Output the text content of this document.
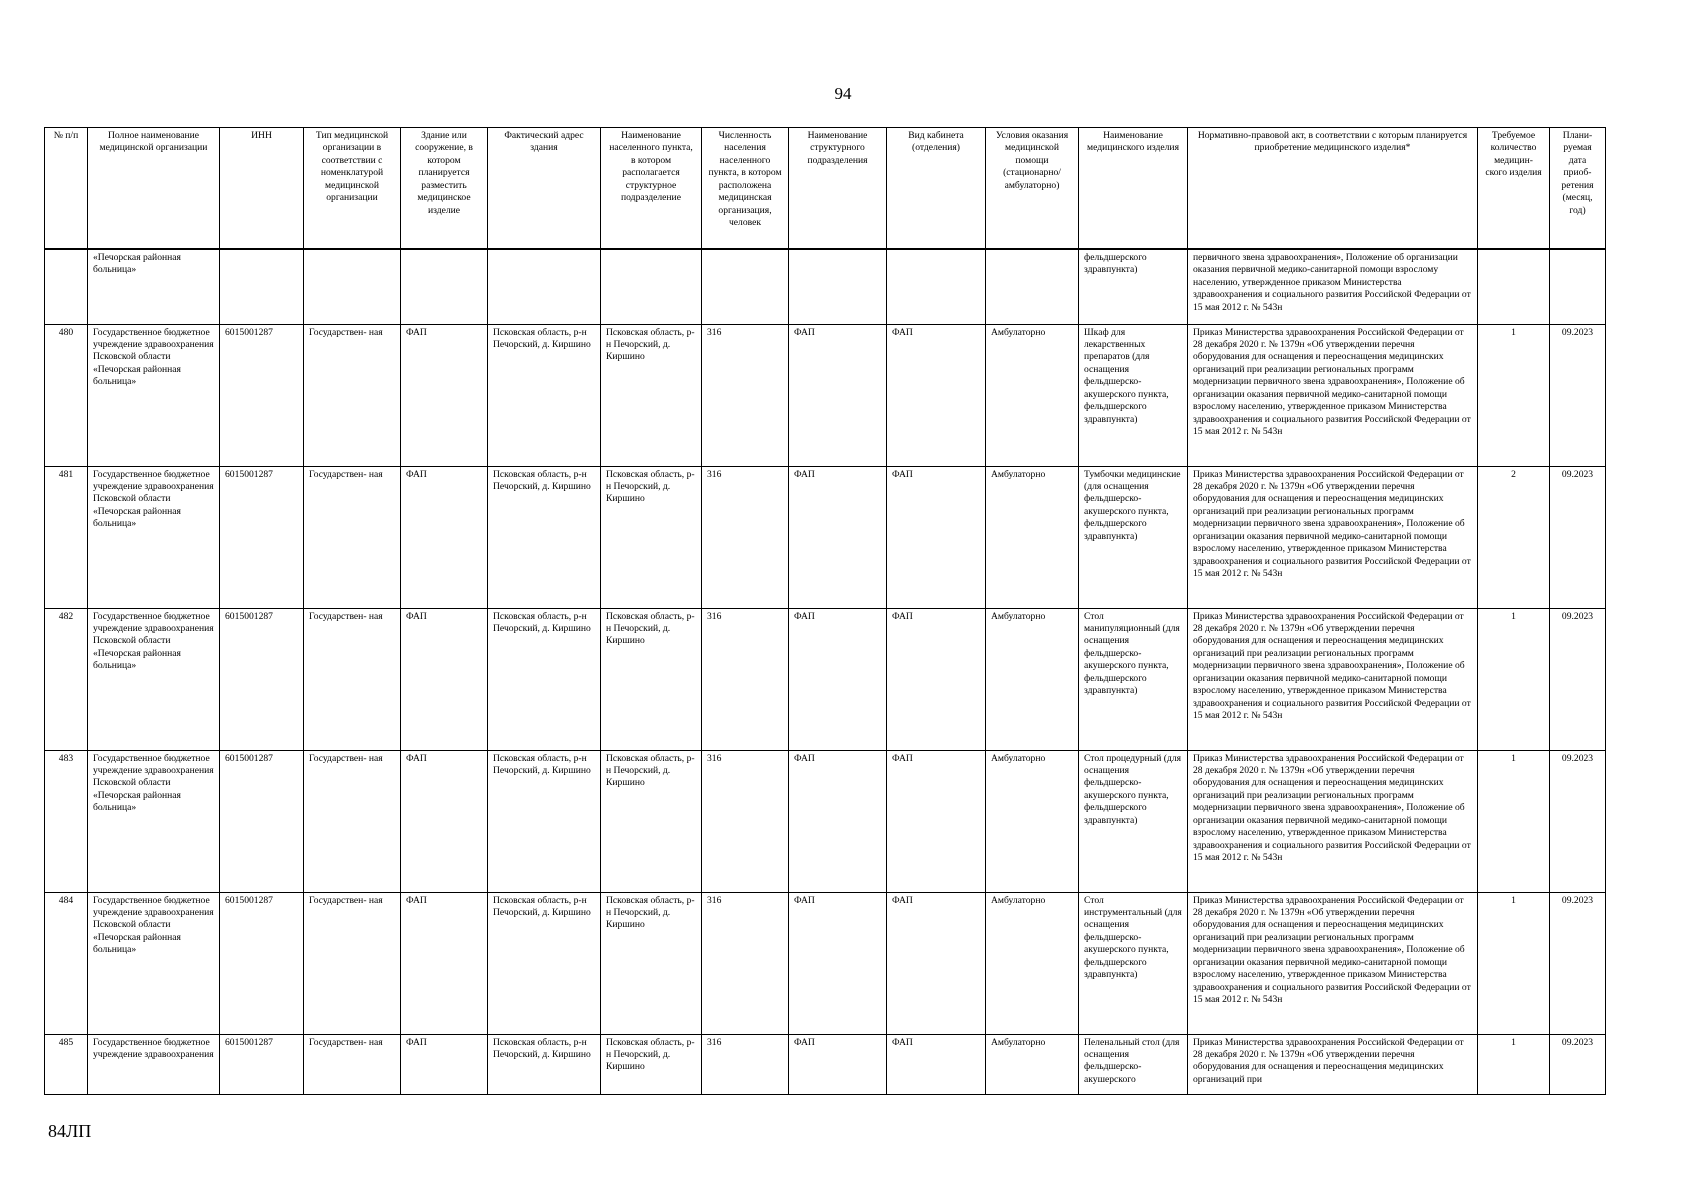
94
№ п/п	Полное наименование медицинской организации	ИНН	Тип медицинской организации в соответствии с номенклатурой медицинской организации	Здание или сооружение, в котором планируется разместить медицинское изделие	Фактический адрес здания	Наименование населенного пункта, в котором располагается структурное подразделение	Численность населения населенного пункта, в котором расположена медицинская организация, человек	Наименование структурного подразделения	Вид кабинета (отделения)	Условия оказания медицинской помощи (стационарно/ амбулаторно)	Наименование медицинского изделия	Нормативно-правовой акт, в соответствии с которым планируется приобретение медицинского изделия*	Требуемое количество медицин- ского изделия	Плани- руемая дата приоб- ретения (месяц, год)
	«Печорская районная больница»										фельдшерского здравпункта)	первичного звена здравоохранения», Положение об организации оказания первичной медико-санитарной помощи взрослому населению, утвержденное приказом Министерства здравоохранения и социального развития Российской Федерации от 15 мая 2012 г. № 543н		
480	Государственное бюджетное учреждение здравоохранения Псковской области «Печорская районная больница»	6015001287	Государствен- ная	ФАП	Псковская область, р-н Печорский, д. Киршино	Псковская область, р-н Печорский, д. Киршино	316	ФАП	ФАП	Амбулаторно	Шкаф для лекарственных препаратов (для оснащения фельдшерско-акушерского пункта, фельдшерского здравпункта)	Приказ Министерства здравоохранения Российской Федерации от 28 декабря 2020 г. № 1379н «Об утверждении перечня оборудования для оснащения и переоснащения медицинских организаций при реализации региональных программ модернизации первичного звена здравоохранения», Положение об организации оказания первичной медико-санитарной помощи взрослому населению, утвержденное приказом Министерства здравоохранения и социального развития Российской Федерации от 15 мая 2012 г. № 543н	1	09.2023
481	Государственное бюджетное учреждение здравоохранения Псковской области «Печорская районная больница»	6015001287	Государствен- ная	ФАП	Псковская область, р-н Печорский, д. Киршино	Псковская область, р-н Печорский, д. Киршино	316	ФАП	ФАП	Амбулаторно	Тумбочки медицинские (для оснащения фельдшерско-акушерского пункта, фельдшерского здравпункта)	Приказ Министерства здравоохранения Российской Федерации от 28 декабря 2020 г. № 1379н «Об утверждении перечня оборудования для оснащения и переоснащения медицинских организаций при реализации региональных программ модернизации первичного звена здравоохранения», Положение об организации оказания первичной медико-санитарной помощи взрослому населению, утвержденное приказом Министерства здравоохранения и социального развития Российской Федерации от 15 мая 2012 г. № 543н	2	09.2023
482	Государственное бюджетное учреждение здравоохранения Псковской области «Печорская районная больница»	6015001287	Государствен- ная	ФАП	Псковская область, р-н Печорский, д. Киршино	Псковская область, р-н Печорский, д. Киршино	316	ФАП	ФАП	Амбулаторно	Стол манипуляционный (для оснащения фельдшерско-акушерского пункта, фельдшерского здравпункта)	Приказ Министерства здравоохранения Российской Федерации от 28 декабря 2020 г. № 1379н «Об утверждении перечня оборудования для оснащения и переоснащения медицинских организаций при реализации региональных программ модернизации первичного звена здравоохранения», Положение об организации оказания первичной медико-санитарной помощи взрослому населению, утвержденное приказом Министерства здравоохранения и социального развития Российской Федерации от 15 мая 2012 г. № 543н	1	09.2023
483	Государственное бюджетное учреждение здравоохранения Псковской области «Печорская районная больница»	6015001287	Государствен- ная	ФАП	Псковская область, р-н Печорский, д. Киршино	Псковская область, р-н Печорский, д. Киршино	316	ФАП	ФАП	Амбулаторно	Стол процедурный (для оснащения фельдшерско-акушерского пункта, фельдшерского здравпункта)	Приказ Министерства здравоохранения Российской Федерации от 28 декабря 2020 г. № 1379н «Об утверждении перечня оборудования для оснащения и переоснащения медицинских организаций при реализации региональных программ модернизации первичного звена здравоохранения», Положение об организации оказания первичной медико-санитарной помощи взрослому населению, утвержденное приказом Министерства здравоохранения и социального развития Российской Федерации от 15 мая 2012 г. № 543н	1	09.2023
484	Государственное бюджетное учреждение здравоохранения Псковской области «Печорская районная больница»	6015001287	Государствен- ная	ФАП	Псковская область, р-н Печорский, д. Киршино	Псковская область, р-н Печорский, д. Киршино	316	ФАП	ФАП	Амбулаторно	Стол инструментальный (для оснащения фельдшерско-акушерского пункта, фельдшерского здравпункта)	Приказ Министерства здравоохранения Российской Федерации от 28 декабря 2020 г. № 1379н «Об утверждении перечня оборудования для оснащения и переоснащения медицинских организаций при реализации региональных программ модернизации первичного звена здравоохранения», Положение об организации оказания первичной медико-санитарной помощи взрослому населению, утвержденное приказом Министерства здравоохранения и социального развития Российской Федерации от 15 мая 2012 г. № 543н	1	09.2023
485	Государственное бюджетное учреждение здравоохранения	6015001287	Государствен- ная	ФАП	Псковская область, р-н Печорский, д. Киршино	Псковская область, р-н Печорский, д. Киршино	316	ФАП	ФАП	Амбулаторно	Пеленальный стол (для оснащения фельдшерско-акушерского	Приказ Министерства здравоохранения Российской Федерации от 28 декабря 2020 г. № 1379н «Об утверждении перечня оборудования для оснащения и переоснащения медицинских организаций при	1	09.2023
84ЛП
